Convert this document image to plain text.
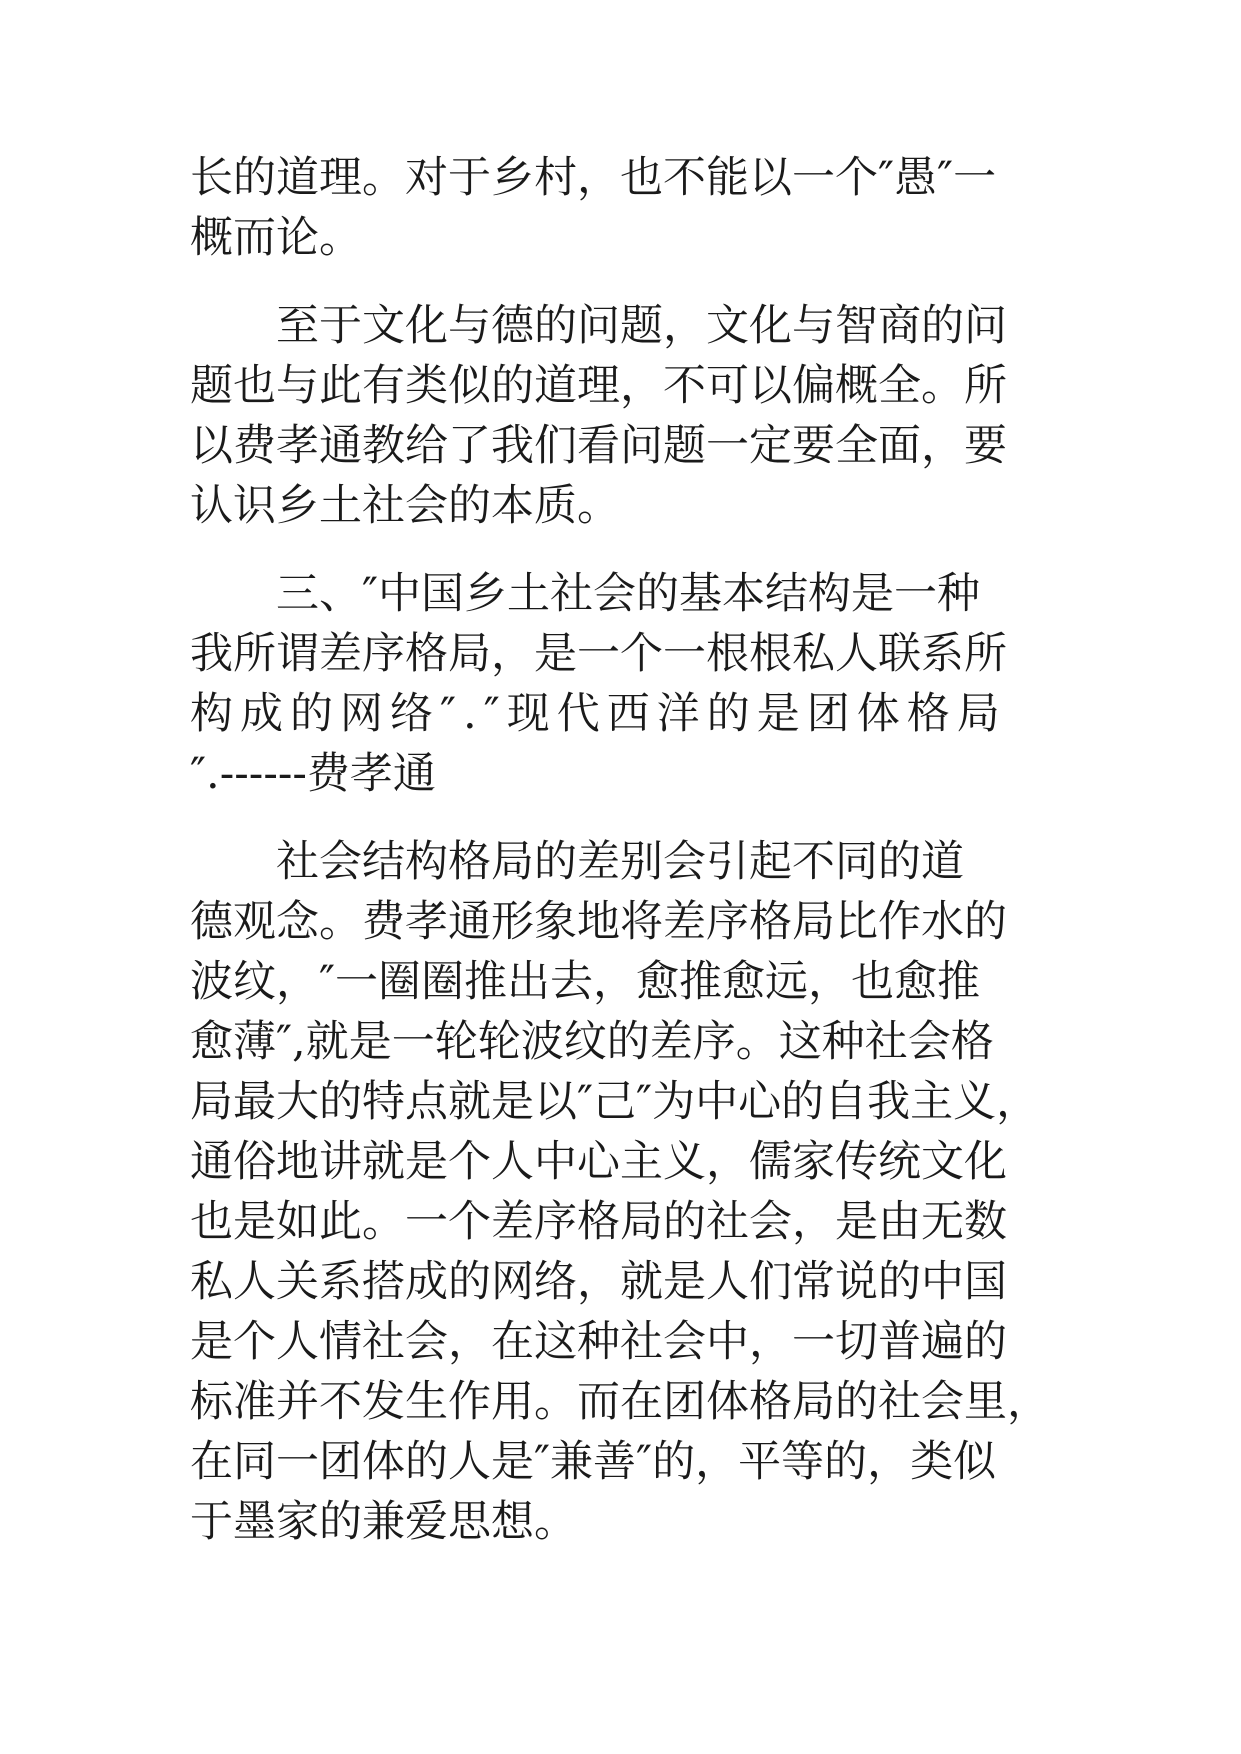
长的道理。对于乡村，也不能以一个″愚″一
概而论。
至于文化与德的问题，文化与智商的问
题也与此有类似的道理，不可以偏概全。所
以费孝通教给了我们看问题一定要全面，要
认识乡土社会的本质。
三、″中国乡土社会的基本结构是一种
我所谓差序格局，是一个一根根私人联系所
构成的网络″.″现代西洋的是团体格局
″.------费孝通
社会结构格局的差别会引起不同的道
德观念。费孝通形象地将差序格局比作水的
波纹，″一圈圈推出去，愈推愈远，也愈推
愈薄″,就是一轮轮波纹的差序。这种社会格
局最大的特点就是以″己″为中心的自我主义，
通俗地讲就是个人中心主义，儒家传统文化
也是如此。一个差序格局的社会，是由无数
私人关系搭成的网络，就是人们常说的中国
是个人情社会，在这种社会中，一切普遍的
标准并不发生作用。而在团体格局的社会里，
在同一团体的人是″兼善″的，平等的，类似
于墨家的兼爱思想。
